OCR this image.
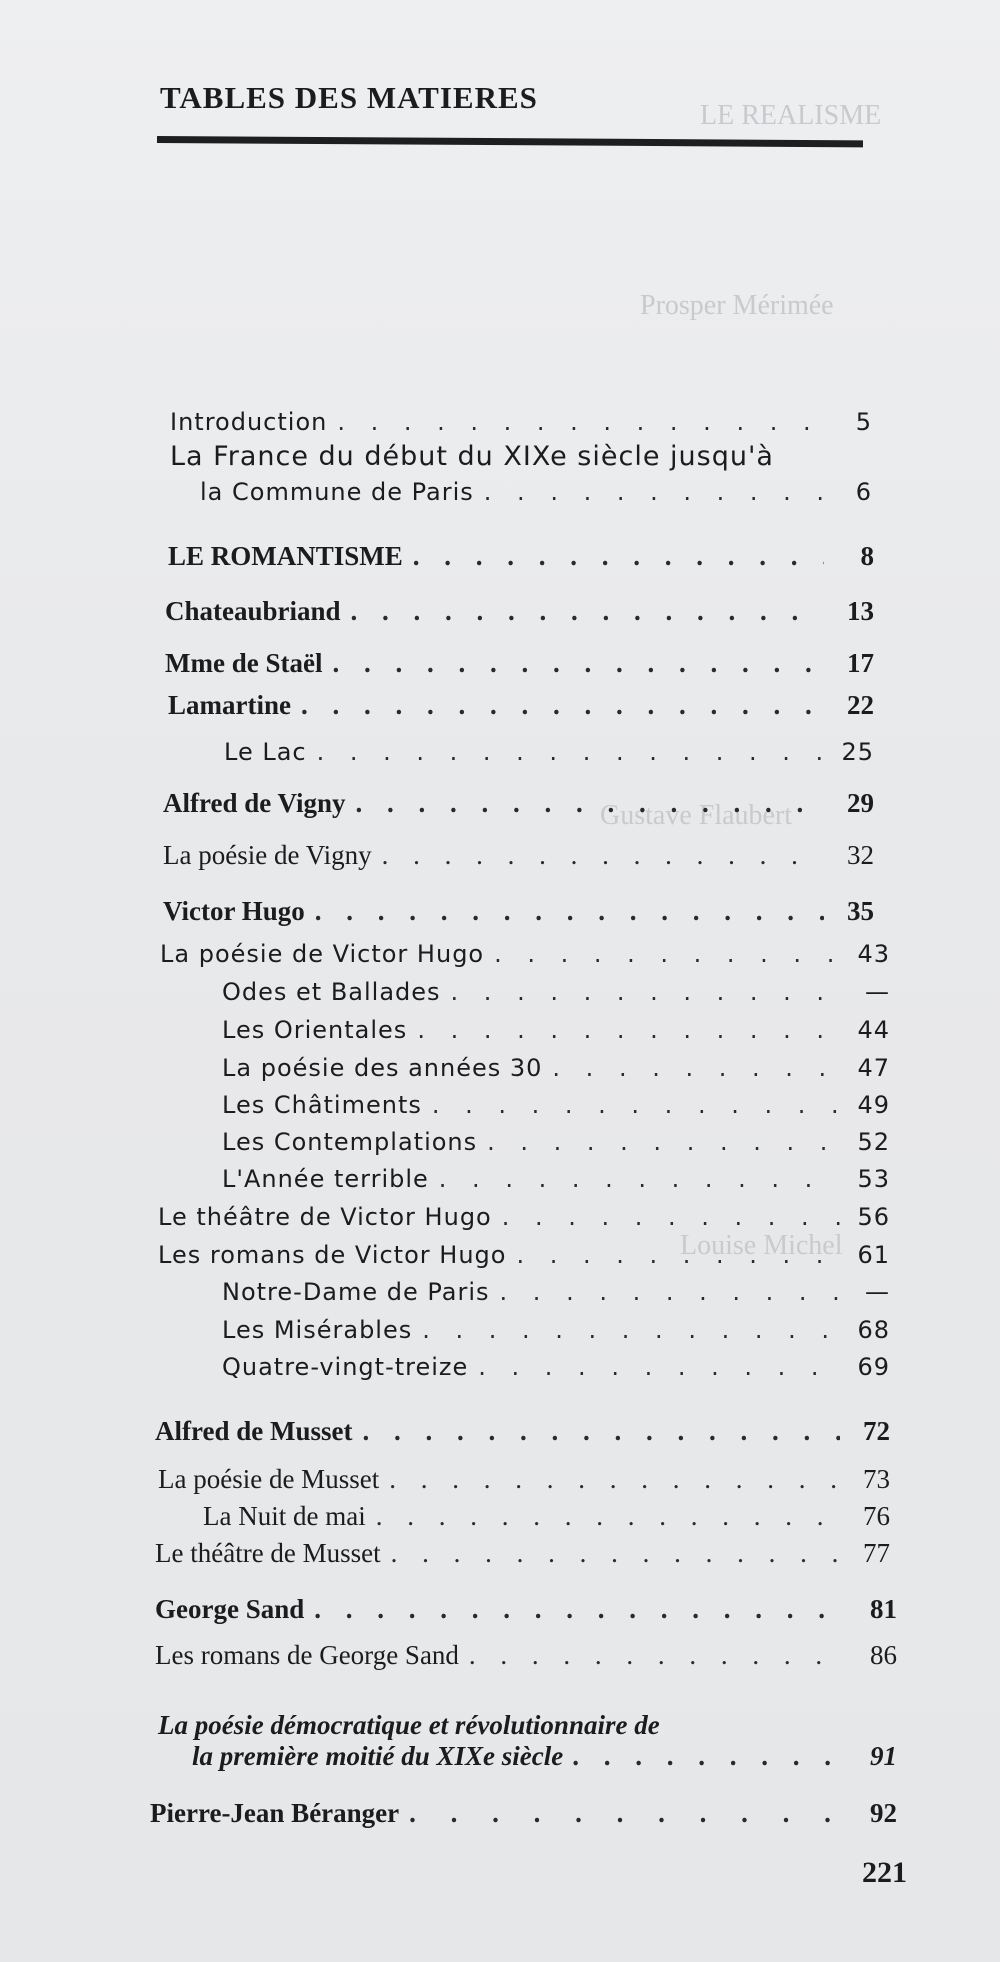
LE REALISME
Prosper Mérimée
Gustave Flaubert
Louise Michel
TABLES DES MATIERES
Introduction . . .	5
La France du début du XIXe siècle jusqu'à
la Commune de Paris . . .	6
LE ROMANTISME . . .	8
Chateaubriand . . .	13
Mme de Staël . . .	17
Lamartine . . .	22
Le Lac . . .	25
Alfred de Vigny . . .	29
La poésie de Vigny . . .	32
Victor Hugo . . .	35
La poésie de Victor Hugo . . .	43
Odes et Ballades . . .	—
Les Orientales . . .	44
La poésie des années 30 . . .	47
Les Châtiments . . .	49
Les Contemplations . . .	52
L'Année terrible . . .	53
Le théâtre de Victor Hugo . . .	56
Les romans de Victor Hugo . . .	61
Notre-Dame de Paris . . .	—
Les Misérables . . .	68
Quatre-vingt-treize . . .	69
Alfred de Musset . . .	72
La poésie de Musset . . .	73
La Nuit de mai . . .	76
Le théâtre de Musset . . .	77
George Sand . . .	81
Les romans de George Sand . . .	86
La poésie démocratique et révolutionnaire de
la première moitié du XIXe siècle . . .	91
Pierre-Jean Béranger . . .	92
221
